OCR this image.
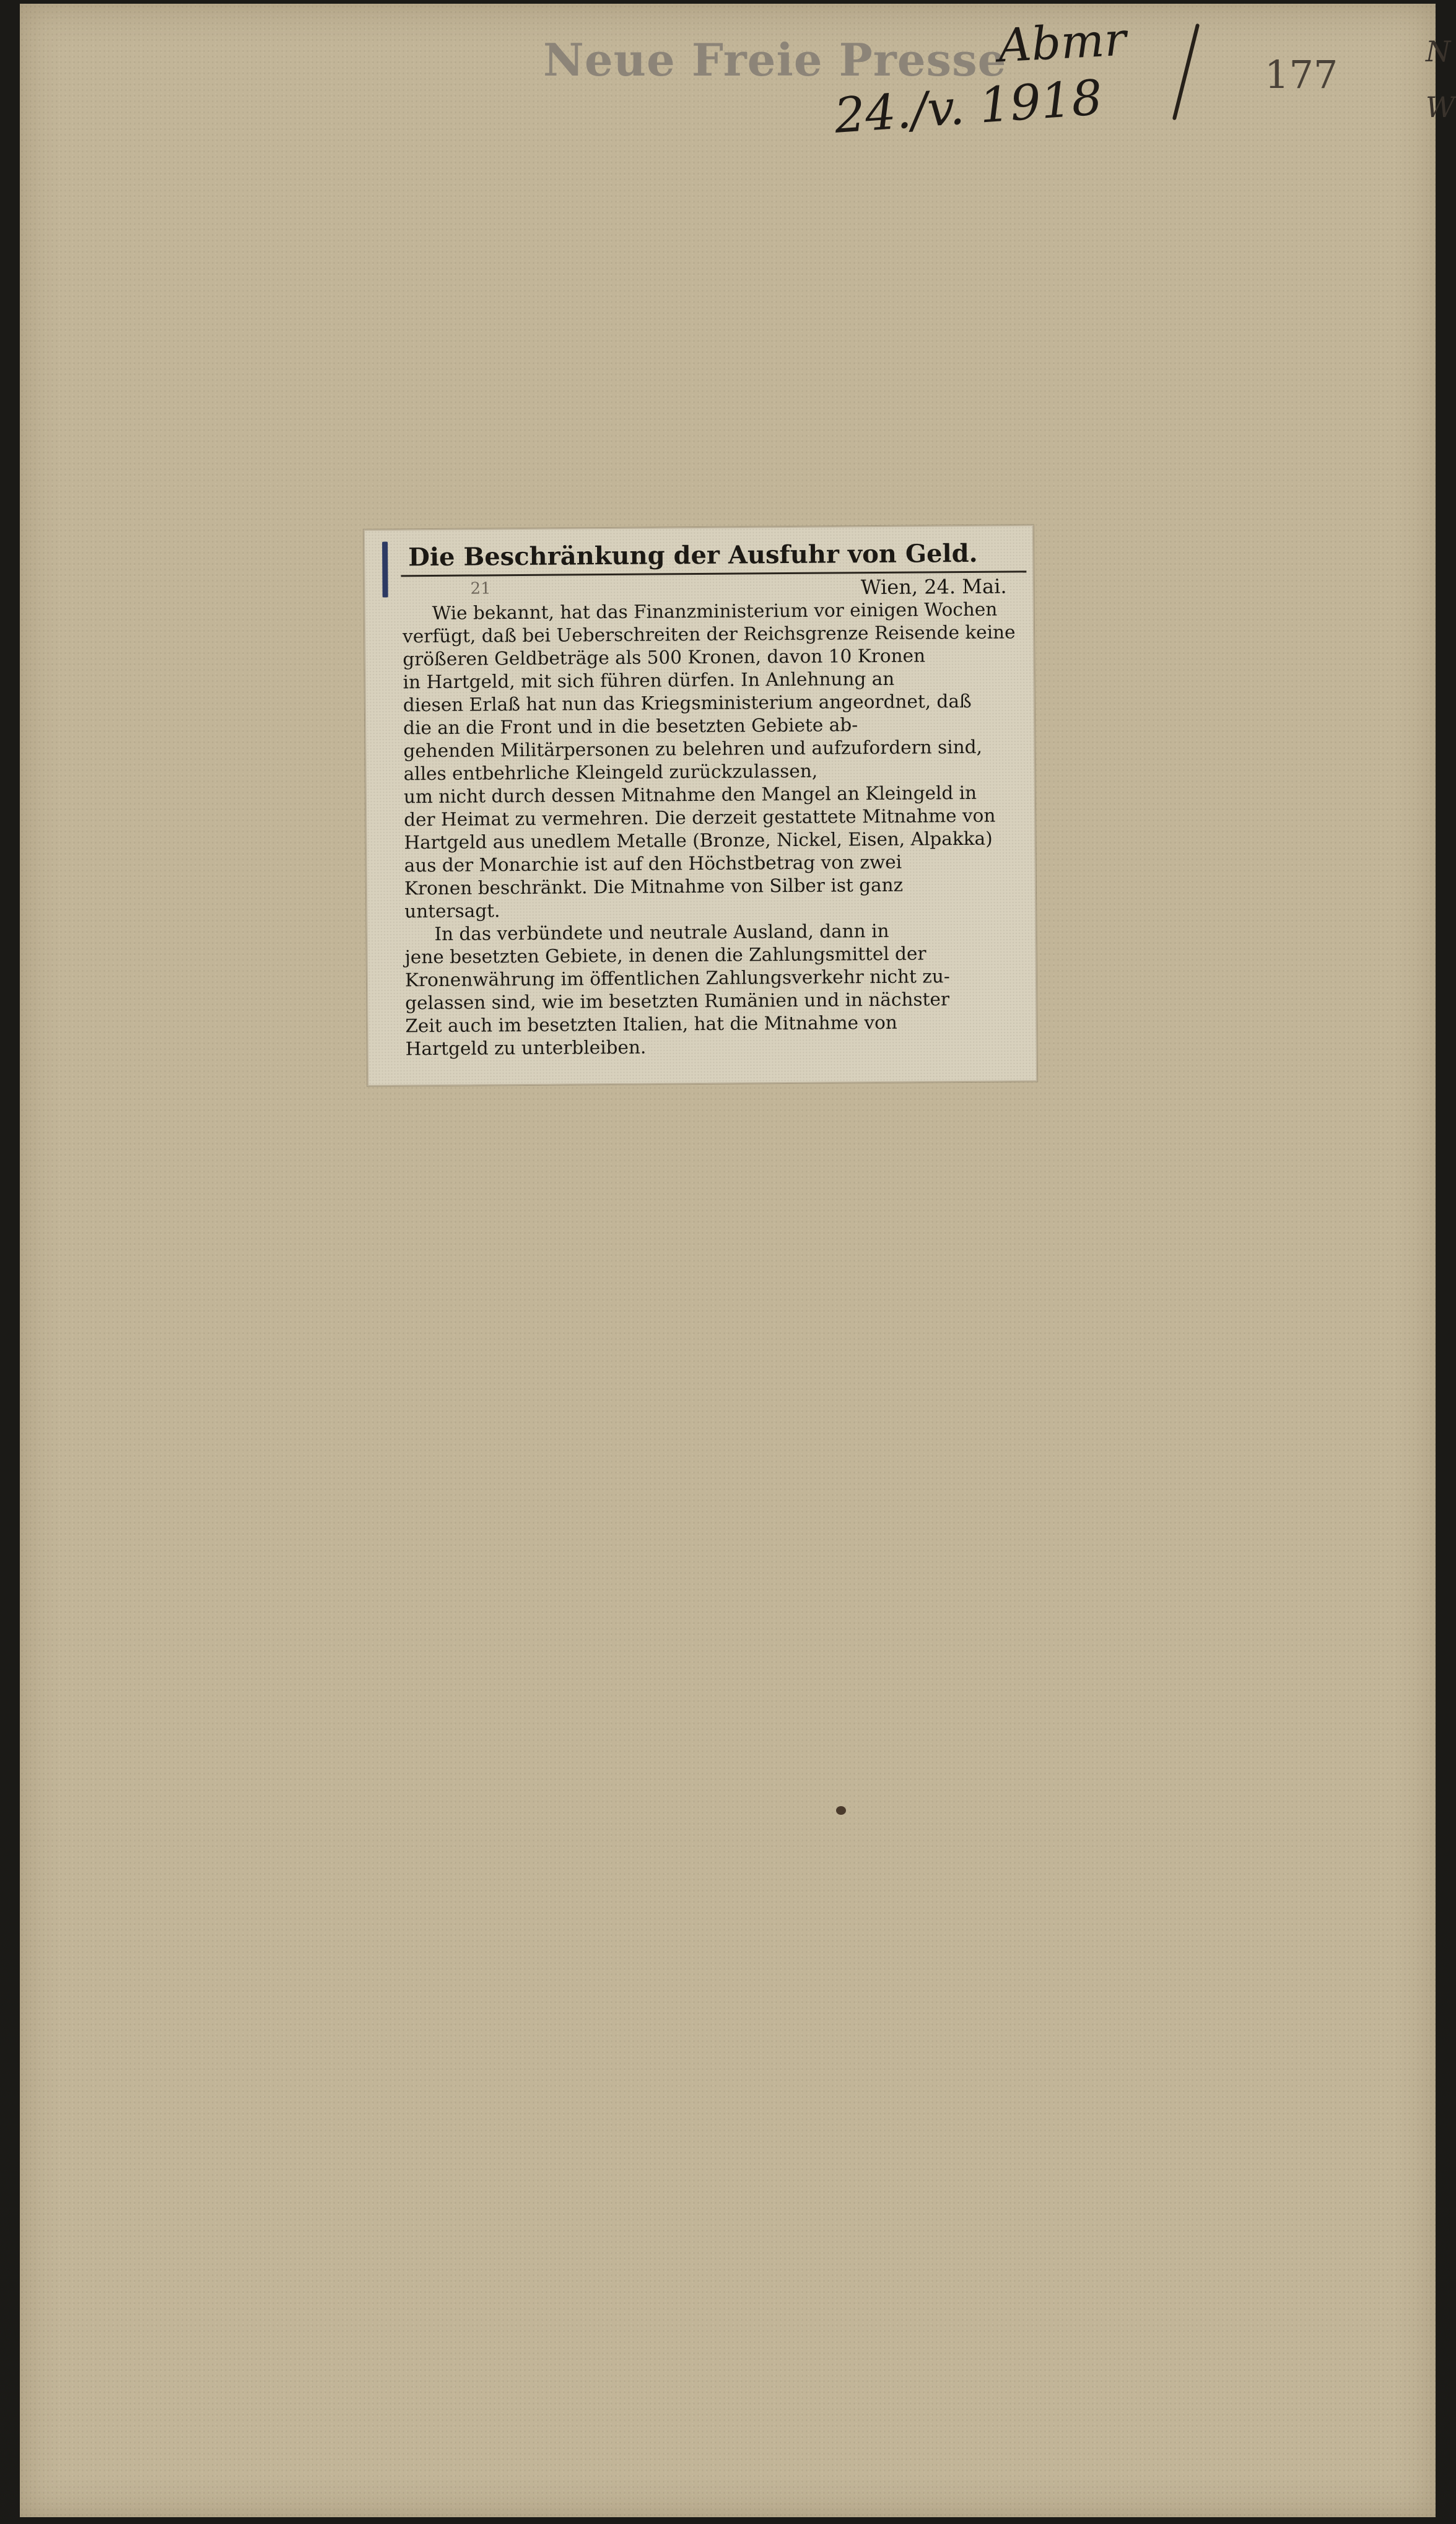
Neue Freie Presse

Abmr

24./v. 1918	177

N

W

Die Beschränkung der Ausfuhr von Geld.

21	Wien, 24. Mai.

Wie bekannt, hat das Finanzministerium vor einigen Wochen

verfügt, daß bei Ueberschreiten der Reichsgrenze Reisende keine

größeren Geldbeträge als 500 Kronen, davon 10 Kronen

in Hartgeld, mit sich führen dürfen. In Anlehnung an

diesen Erlaß hat nun das Kriegsministerium angeordnet, daß

die an die Front und in die besetzten Gebiete ab-

gehenden Militärpersonen zu belehren und aufzufordern sind,

alles entbehrliche Kleingeld zurückzulassen,

um nicht durch dessen Mitnahme den Mangel an Kleingeld in

der Heimat zu vermehren. Die derzeit gestattete Mitnahme von

Hartgeld aus unedlem Metalle (Bronze, Nickel, Eisen, Alpakka)

aus der Monarchie ist auf den Höchstbetrag von zwei

Kronen beschränkt. Die Mitnahme von Silber ist ganz

untersagt.

In das verbündete und neutrale Ausland, dann in

jene besetzten Gebiete, in denen die Zahlungsmittel der

Kronenwährung im öffentlichen Zahlungsverkehr nicht zu-

gelassen sind, wie im besetzten Rumänien und in nächster

Zeit auch im besetzten Italien, hat die Mitnahme von

Hartgeld zu unterbleiben.
